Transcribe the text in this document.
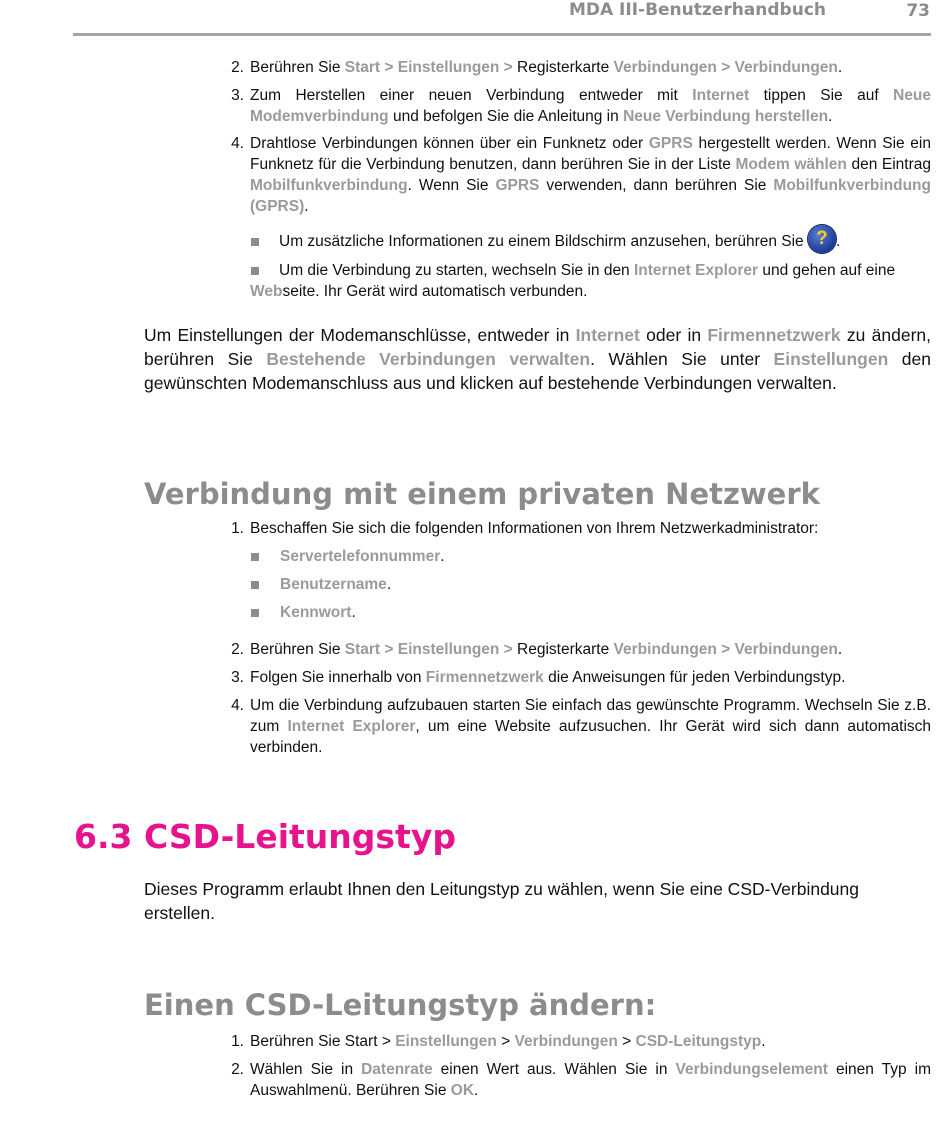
MDA III-Benutzerhandbuch	73
2. Berühren Sie Start > Einstellungen > Registerkarte Verbindungen > Verbindungen.
3. Zum Herstellen einer neuen Verbindung entweder mit Internet tippen Sie auf Neue Modemverbindung und befolgen Sie die Anleitung in Neue Verbindung herstellen.
4. Drahtlose Verbindungen können über ein Funknetz oder GPRS hergestellt werden. Wenn Sie ein Funknetz für die Verbindung benutzen, dann berühren Sie in der Liste Modem wählen den Eintrag Mobilfunkverbindung. Wenn Sie GPRS verwenden, dann berühren Sie Mobilfunkverbindung (GPRS).
Um zusätzliche Informationen zu einem Bildschirm anzusehen, berühren Sie ? .
Um die Verbindung zu starten, wechseln Sie in den Internet Explorer und gehen auf eine Webseite. Ihr Gerät wird automatisch verbunden.
Um Einstellungen der Modemanschlüsse, entweder in Internet oder in Firmennetzwerk zu ändern, berühren Sie Bestehende Verbindungen verwalten. Wählen Sie unter Einstellungen den gewünschten Modemanschluss aus und klicken auf bestehende Verbindungen verwalten.
Verbindung mit einem privaten Netzwerk
1. Beschaffen Sie sich die folgenden Informationen von Ihrem Netzwerkadministrator:
Servertelefonnummer.
Benutzername.
Kennwort.
2. Berühren Sie Start > Einstellungen > Registerkarte Verbindungen > Verbindungen.
3. Folgen Sie innerhalb von Firmennetzwerk die Anweisungen für jeden Verbindungstyp.
4. Um die Verbindung aufzubauen starten Sie einfach das gewünschte Programm. Wechseln Sie z.B. zum Internet Explorer, um eine Website aufzusuchen. Ihr Gerät wird sich dann automatisch verbinden.
6.3 CSD-Leitungstyp
Dieses Programm erlaubt Ihnen den Leitungstyp zu wählen, wenn Sie eine CSD-Verbindung erstellen.
Einen CSD-Leitungstyp ändern:
1. Berühren Sie Start > Einstellungen > Verbindungen > CSD-Leitungstyp.
2. Wählen Sie in Datenrate einen Wert aus. Wählen Sie in Verbindungselement einen Typ im Auswahlmenü. Berühren Sie OK.
